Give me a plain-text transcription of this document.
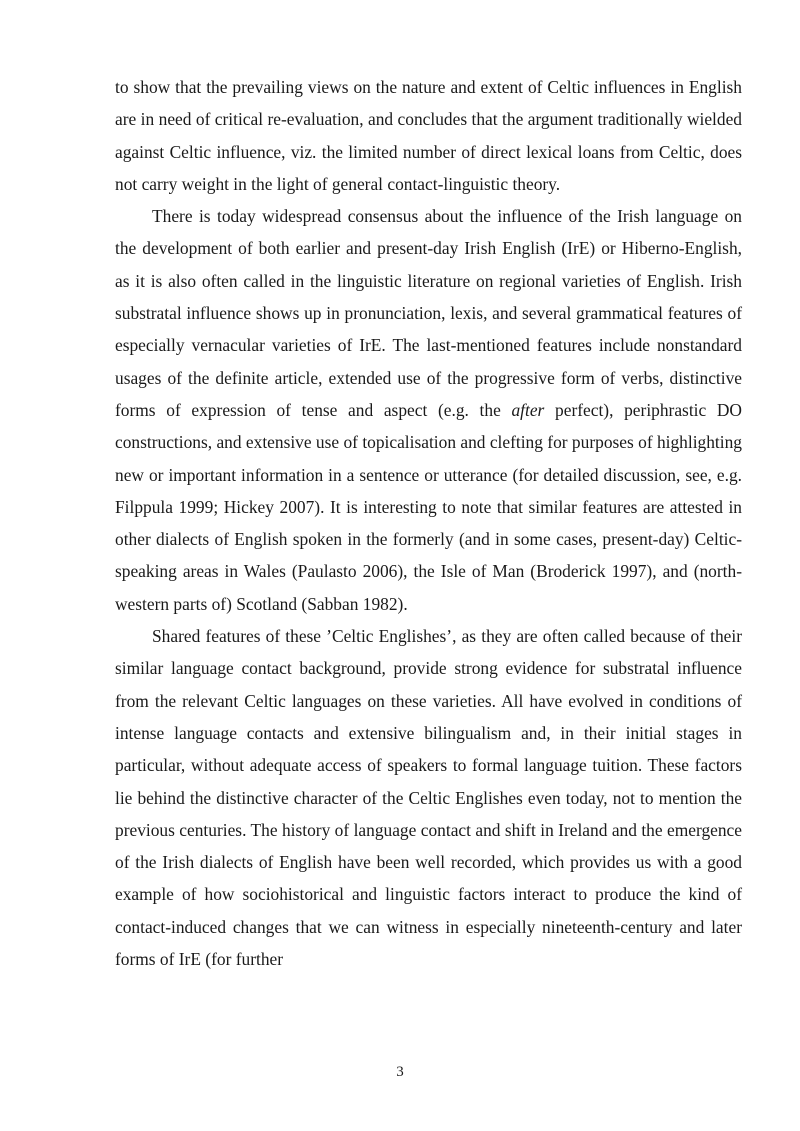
to show that the prevailing views on the nature and extent of Celtic influences in English are in need of critical re-evaluation, and concludes that the argument traditionally wielded against Celtic influence, viz. the limited number of direct lexical loans from Celtic, does not carry weight in the light of general contact-linguistic theory.

There is today widespread consensus about the influence of the Irish language on the development of both earlier and present-day Irish English (IrE) or Hiberno-English, as it is also often called in the linguistic literature on regional varieties of English. Irish substratal influence shows up in pronunciation, lexis, and several grammatical features of especially vernacular varieties of IrE. The last-mentioned features include nonstandard usages of the definite article, extended use of the progressive form of verbs, distinctive forms of expression of tense and aspect (e.g. the after perfect), periphrastic DO constructions, and extensive use of topicalisation and clefting for purposes of highlighting new or important information in a sentence or utterance (for detailed discussion, see, e.g. Filppula 1999; Hickey 2007). It is interesting to note that similar features are attested in other dialects of English spoken in the formerly (and in some cases, present-day) Celtic-speaking areas in Wales (Paulasto 2006), the Isle of Man (Broderick 1997), and (north-western parts of) Scotland (Sabban 1982).

Shared features of these ’Celtic Englishes’, as they are often called because of their similar language contact background, provide strong evidence for substratal influence from the relevant Celtic languages on these varieties. All have evolved in conditions of intense language contacts and extensive bilingualism and, in their initial stages in particular, without adequate access of speakers to formal language tuition. These factors lie behind the distinctive character of the Celtic Englishes even today, not to mention the previous centuries. The history of language contact and shift in Ireland and the emergence of the Irish dialects of English have been well recorded, which provides us with a good example of how sociohistorical and linguistic factors interact to produce the kind of contact-induced changes that we can witness in especially nineteenth-century and later forms of IrE (for further

3
